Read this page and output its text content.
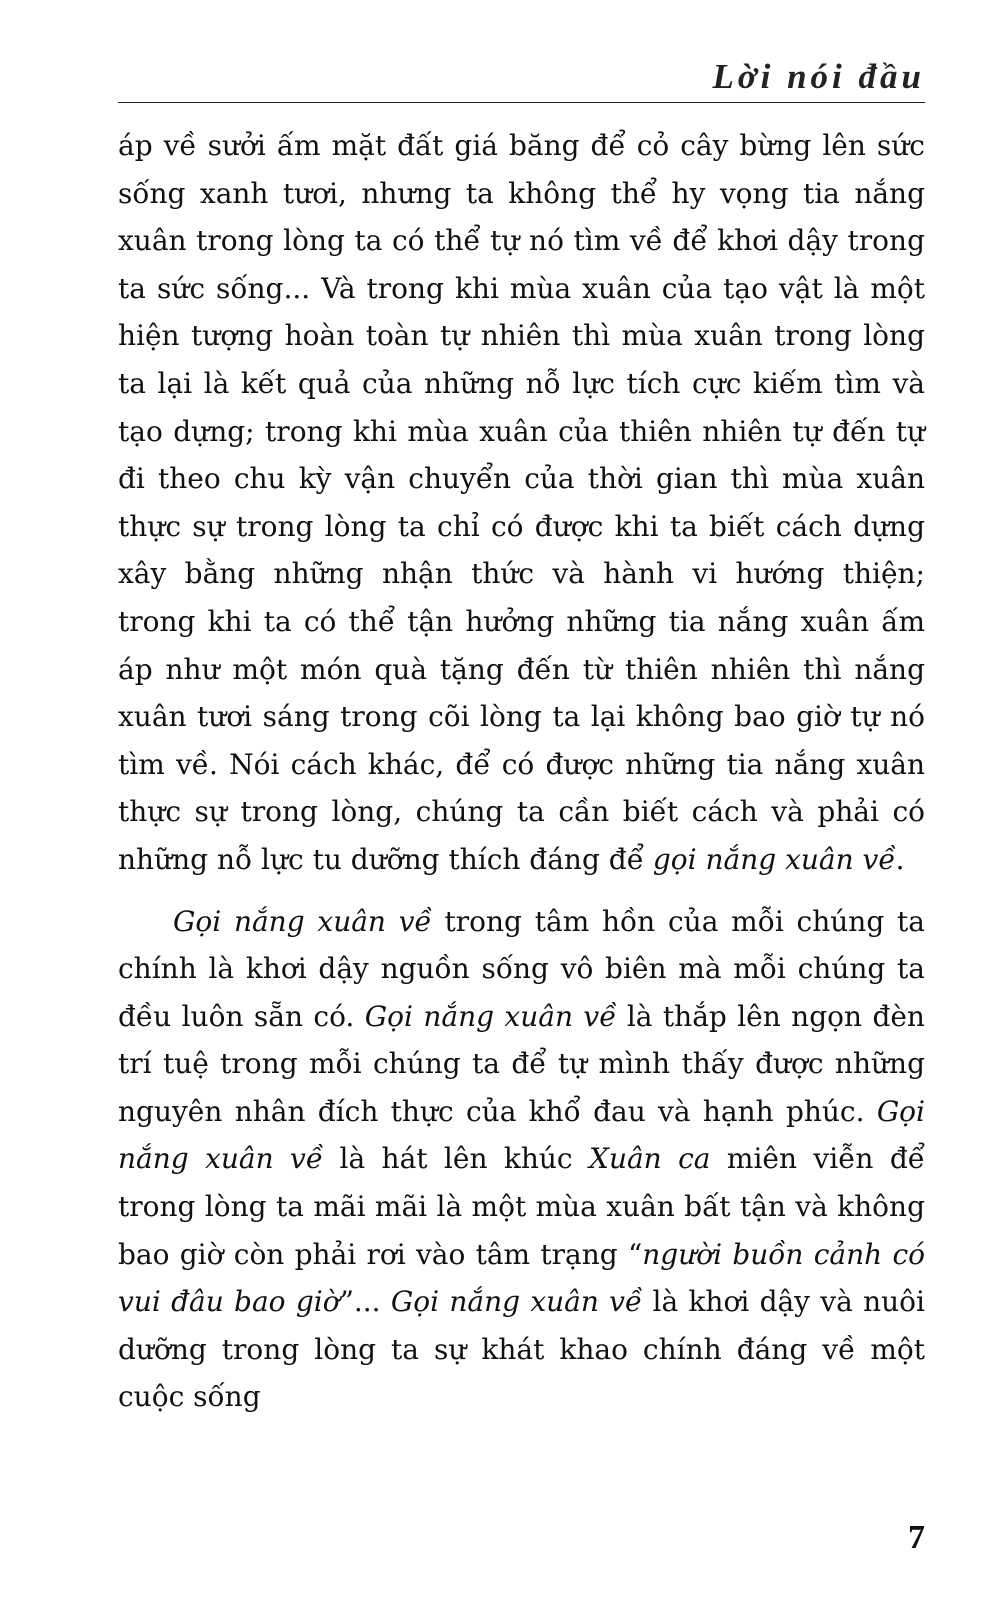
Lời nói đầu

áp về sưởi ấm mặt đất giá băng để cỏ cây bừng lên sức sống xanh tươi, nhưng ta không thể hy vọng tia nắng xuân trong lòng ta có thể tự nó tìm về để khơi dậy trong ta sức sống... Và trong khi mùa xuân của tạo vật là một hiện tượng hoàn toàn tự nhiên thì mùa xuân trong lòng ta lại là kết quả của những nỗ lực tích cực kiếm tìm và tạo dựng; trong khi mùa xuân của thiên nhiên tự đến tự đi theo chu kỳ vận chuyển của thời gian thì mùa xuân thực sự trong lòng ta chỉ có được khi ta biết cách dựng xây bằng những nhận thức và hành vi hướng thiện; trong khi ta có thể tận hưởng những tia nắng xuân ấm áp như một món quà tặng đến từ thiên nhiên thì nắng xuân tươi sáng trong cõi lòng ta lại không bao giờ tự nó tìm về. Nói cách khác, để có được những tia nắng xuân thực sự trong lòng, chúng ta cần biết cách và phải có những nỗ lực tu dưỡng thích đáng để gọi nắng xuân về.

Gọi nắng xuân về trong tâm hồn của mỗi chúng ta chính là khơi dậy nguồn sống vô biên mà mỗi chúng ta đều luôn sẵn có. Gọi nắng xuân về là thắp lên ngọn đèn trí tuệ trong mỗi chúng ta để tự mình thấy được những nguyên nhân đích thực của khổ đau và hạnh phúc. Gọi nắng xuân về là hát lên khúc Xuân ca miên viễn để trong lòng ta mãi mãi là một mùa xuân bất tận và không bao giờ còn phải rơi vào tâm trạng “người buồn cảnh có vui đâu bao giờ”... Gọi nắng xuân về là khơi dậy và nuôi dưỡng trong lòng ta sự khát khao chính đáng về một cuộc sống

7
